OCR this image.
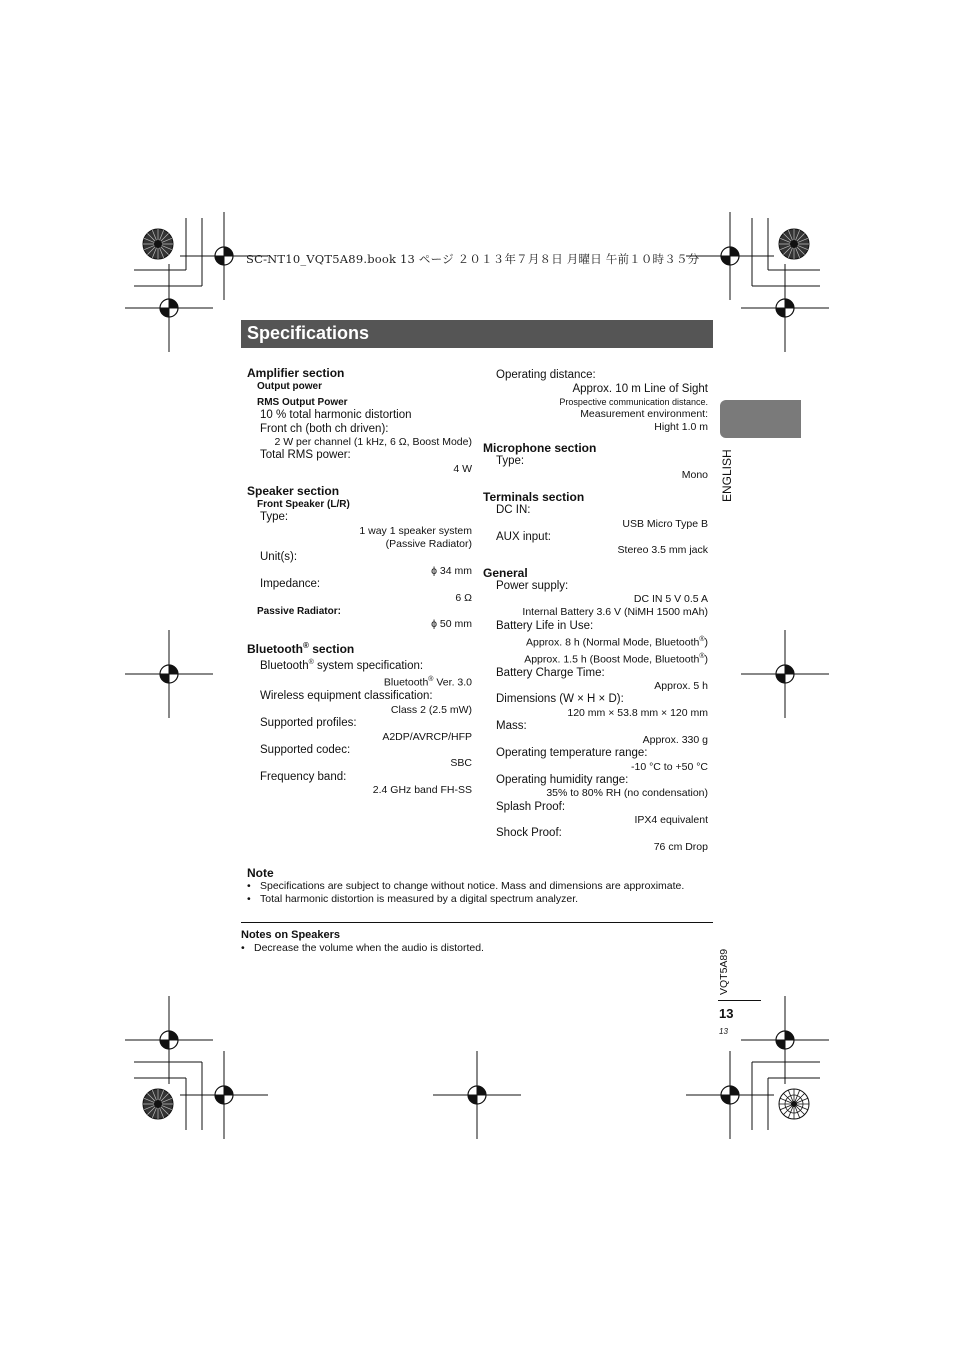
SC-NT10_VQT5A89.book 13 ページ ２０１３年７月８日 月曜日 午前１０時３５分
Specifications
ENGLISH
Amplifier section
Output power
RMS Output Power
10 % total harmonic distortion
Front ch (both ch driven):
2 W per channel (1 kHz, 6 Ω, Boost Mode)
Total RMS power:
4 W
Speaker section
Front Speaker (L/R)
Type:
1 way 1 speaker system
(Passive Radiator)
Unit(s):
ϕ 34 mm
Impedance:
6 Ω
Passive Radiator:
ϕ 50 mm
Bluetooth® section
Bluetooth® system specification:
Bluetooth® Ver. 3.0
Wireless equipment classification:
Class 2 (2.5 mW)
Supported profiles:
A2DP/AVRCP/HFP
Supported codec:
SBC
Frequency band:
2.4 GHz band FH-SS
Operating distance:
Approx. 10 m Line of Sight
Prospective communication distance.
Measurement environment:
Hight 1.0 m
Microphone section
Type:
Mono
Terminals section
DC IN:
USB Micro Type B
AUX input:
Stereo 3.5 mm jack
General
Power supply:
DC IN 5 V 0.5 A
Internal Battery 3.6 V (NiMH 1500 mAh)
Battery Life in Use:
Approx. 8 h (Normal Mode, Bluetooth®)
Approx. 1.5 h (Boost Mode, Bluetooth®)
Battery Charge Time:
Approx. 5 h
Dimensions (W × H × D):
120 mm × 53.8 mm × 120 mm
Mass:
Approx. 330 g
Operating temperature range:
-10 °C to +50 °C
Operating humidity range:
35% to 80% RH (no condensation)
Splash Proof:
IPX4 equivalent
Shock Proof:
76 cm Drop
Note
• Specifications are subject to change without notice. Mass and dimensions are approximate.
• Total harmonic distortion is measured by a digital spectrum analyzer.
Notes on Speakers
• Decrease the volume when the audio is distorted.
VQT5A89
13
13
